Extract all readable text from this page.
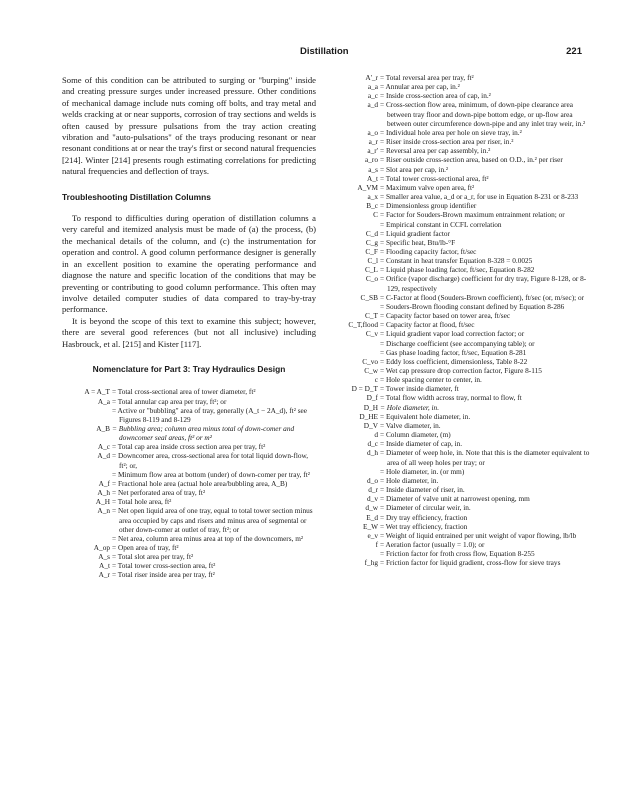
Distillation	221

Some of this condition can be attributed to surging or "burping" inside and creating pressure surges under increased pressure. Other conditions of mechanical damage include nuts coming off bolts, and tray metal and welds cracking at or near supports, corrosion of tray sections and welds is often caused by pressure pulsations from the tray action creating vibration and "auto-pulsations" of the trays producing resonant or near resonant conditions at or near the tray's first or second natural frequencies [214]. Winter [214] presents rough estimating correlations for predicting natural frequencies and deflection of trays.

Troubleshooting Distillation Columns

To respond to difficulties during operation of distillation columns a very careful and itemized analysis must be made of (a) the process, (b) the mechanical details of the column, and (c) the instrumentation for operation and control. A good column performance designer is generally in an excellent position to examine the operating performance and diagnose the nature and specific location of the conditions that may be preventing or contributing to good column performance. This often may involve detailed computer studies of data compared to tray-by-tray performance.

It is beyond the scope of this text to examine this subject; however, there are several good references (but not all inclusive) including Hasbrouck, et al. [215] and Kister [117].

Nomenclature for Part 3: Tray Hydraulics Design
A = A_T = Total cross-sectional area of tower diameter, ft²
A_a = Total annular cap area per tray, ft²; or
= Active or "bubbling" area of tray, generally (A_t − 2A_d), ft² see Figures 8-119 and 8-129
A_B = Bubbling area; column area minus total of down-comer and downcomer seal areas, ft² or m²
A_c = Total cap area inside cross section area per tray, ft²
A_d = Downcomer area, cross-sectional area for total liquid down-flow, ft²; or,
= Minimum flow area at bottom (under) of down-comer per tray, ft²
A_f = Fractional hole area (actual hole area/bubbling area, A_B)
A_h = Net perforated area of tray, ft²
A_H = Total hole area, ft²
A_n = Net open liquid area of one tray, equal to total tower section minus area occupied by caps and risers and minus area of segmental or other down-comer at outlet of tray, ft²; or
= Net area, column area minus area at top of the downcomers, m²
A_op = Open area of tray, ft²
A_s = Total slot area per tray, ft²
A_t = Total tower cross-section area, ft²
A_r = Total riser inside area per tray, ft²
A'_r = Total reversal area per tray, ft²
a_a = Annular area per cap, in.²
a_c = Inside cross-section area of cap, in.²
a_d = Cross-section flow area, minimum, of down-pipe clearance area between tray floor and down-pipe bottom edge, or up-flow area between outer circumference down-pipe and any inlet tray weir, in.²
a_o = Individual hole area per hole on sieve tray, in.²
a_r = Riser inside cross-section area per riser, in.²
a_r' = Reversal area per cap assembly, in.²
a_ro = Riser outside cross-section area, based on O.D., in.² per riser
a_s = Slot area per cap, in.²
A_t = Total tower cross-sectional area, ft²
A_VM = Maximum valve open area, ft²
a_x = Smaller area value, a_d or a_r, for use in Equation 8-231 or 8-233
B_c = Dimensionless group identifier
C = Factor for Souders-Brown maximum entrainment relation; or
= Empirical constant in CCFL correlation
C_d = Liquid gradient factor
C_g = Specific heat, Btu/lb-°F
C_F = Flooding capacity factor, ft/sec
C_l = Constant in heat transfer Equation 8-328 = 0.0025
C_L = Liquid phase loading factor, ft/sec, Equation 8-282
C_o = Orifice (vapor discharge) coefficient for dry tray, Figure 8-128, or 8-129, respectively
C_SB = C-Factor at flood (Souders-Brown coefficient), ft/sec (or, m/sec); or
= Souders-Brown flooding constant defined by Equation 8-286
C_T = Capacity factor based on tower area, ft/sec
C_T,flood = Capacity factor at flood, ft/sec
C_v = Liquid gradient vapor load correction factor; or
= Discharge coefficient (see accompanying table); or
= Gas phase loading factor, ft/sec, Equation 8-281
C_vo = Eddy loss coefficient, dimensionless, Table 8-22
C_w = Wet cap pressure drop correction factor, Figure 8-115
c = Hole spacing center to center, in.
D = D_T = Tower inside diameter, ft
D_f = Total flow width across tray, normal to flow, ft
D_H = Hole diameter, in.
D_HE = Equivalent hole diameter, in.
D_V = Valve diameter, in.
d = Column diameter, (m)
d_c = Inside diameter of cap, in.
d_h = Diameter of weep hole, in. Note that this is the diameter equivalent to area of all weep holes per tray; or
= Hole diameter, in. (or mm)
d_o = Hole diameter, in.
d_r = Inside diameter of riser, in.
d_v = Diameter of valve unit at narrowest opening, mm
d_w = Diameter of circular weir, in.
E_d = Dry tray efficiency, fraction
E_W = Wet tray efficiency, fraction
e_v = Weight of liquid entrained per unit weight of vapor flowing, lb/lb
f = Aeration factor (usually = 1.0); or
= Friction factor for froth cross flow, Equation 8-255
f_hg = Friction factor for liquid gradient, cross-flow for sieve trays
